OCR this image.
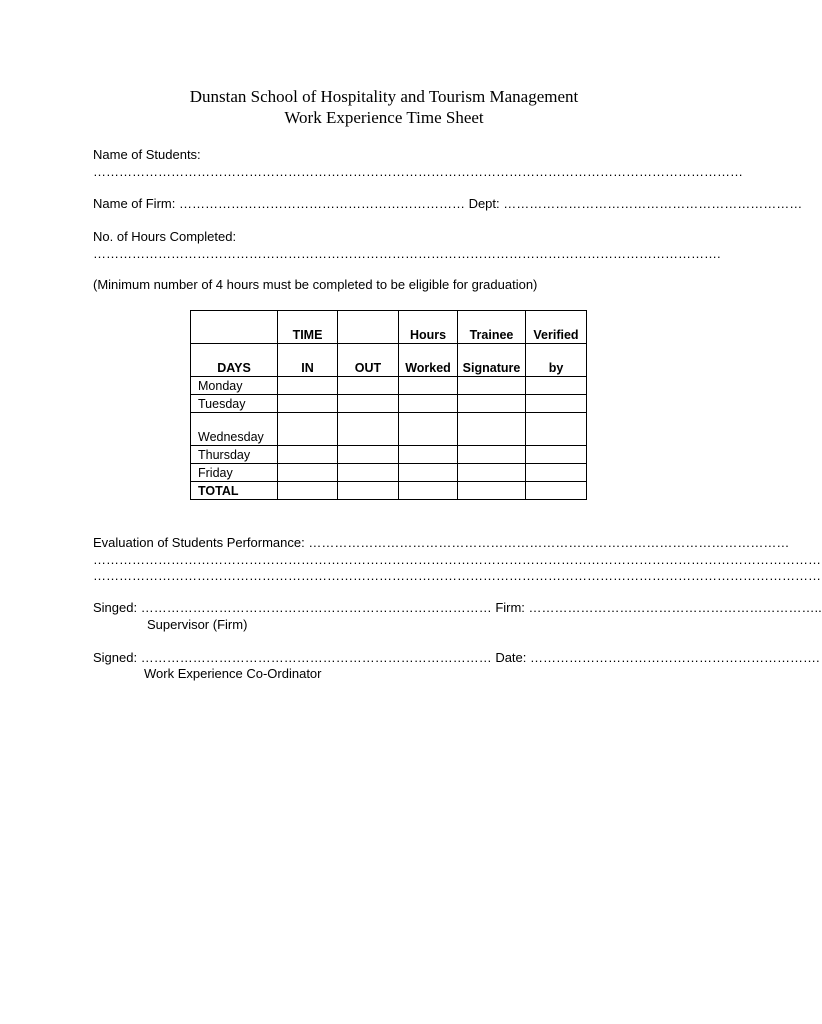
Dunstan School of Hospitality and Tourism Management
Work Experience Time Sheet
Name of Students:
……………………………………………………………………………………………………………………………………
Name of Firm: ………………………………………………………… Dept: ……………………………………………………………
No. of Hours Completed:
……………………………………………………………………………………………………………………………….
(Minimum number of 4 hours must be completed to be eligible for graduation)
	TIME		Hours	Trainee	Verified
DAYS	IN	OUT	Worked	Signature	by
Monday					
Tuesday					
Wednesday					
Thursday					
Friday					
TOTAL					
Evaluation of Students Performance: …………………………………………………………………………………………………
……………………………………………………………………………………………………………………………………………………
……………………………………………………………………………………………………………………………………………………
Singed: ……………………………………………………………………… Firm: …………………………………………………………..
Supervisor (Firm)
Signed: ……………………………………………………………………… Date: ………………………………………………………….
Work Experience Co-Ordinator
